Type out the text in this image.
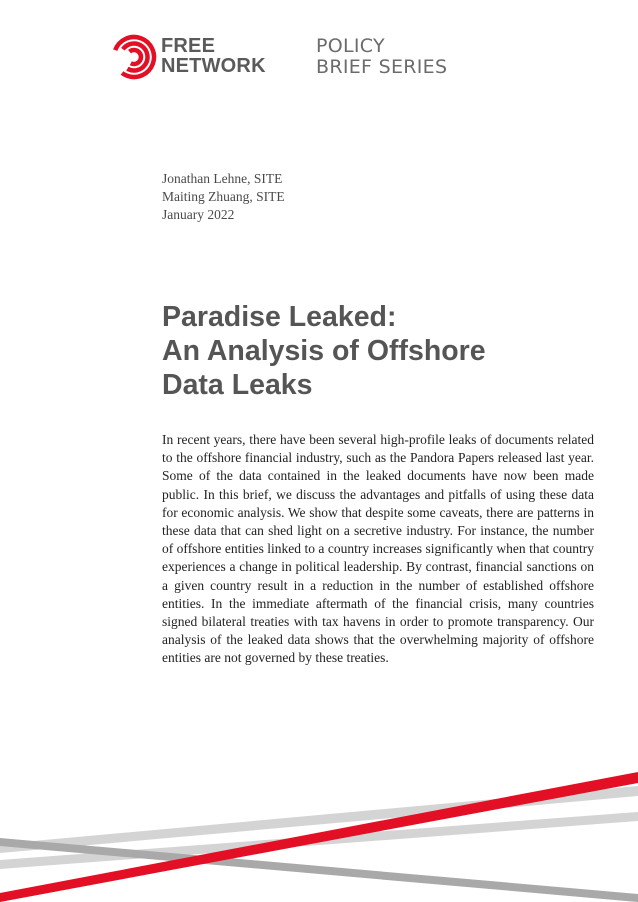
FREE
NETWORK
POLICY
BRIEF SERIES
Jonathan Lehne, SITE
Maiting Zhuang, SITE
January 2022
Paradise Leaked:
An Analysis of Offshore
Data Leaks
In recent years, there have been several high-profile leaks of documents related to the offshore financial industry, such as the Pandora Papers released last year. Some of the data contained in the leaked documents have now been made public. In this brief, we discuss the advantages and pitfalls of using these data for economic analysis. We show that despite some caveats, there are patterns in these data that can shed light on a secretive industry. For instance, the number of offshore entities linked to a country increases significantly when that country experiences a change in political leadership. By contrast, financial sanctions on a given country result in a reduction in the number of established offshore entities. In the immediate aftermath of the financial crisis, many countries signed bilateral treaties with tax havens in order to promote transparency. Our analysis of the leaked data shows that the overwhelming majority of offshore entities are not governed by these treaties.
